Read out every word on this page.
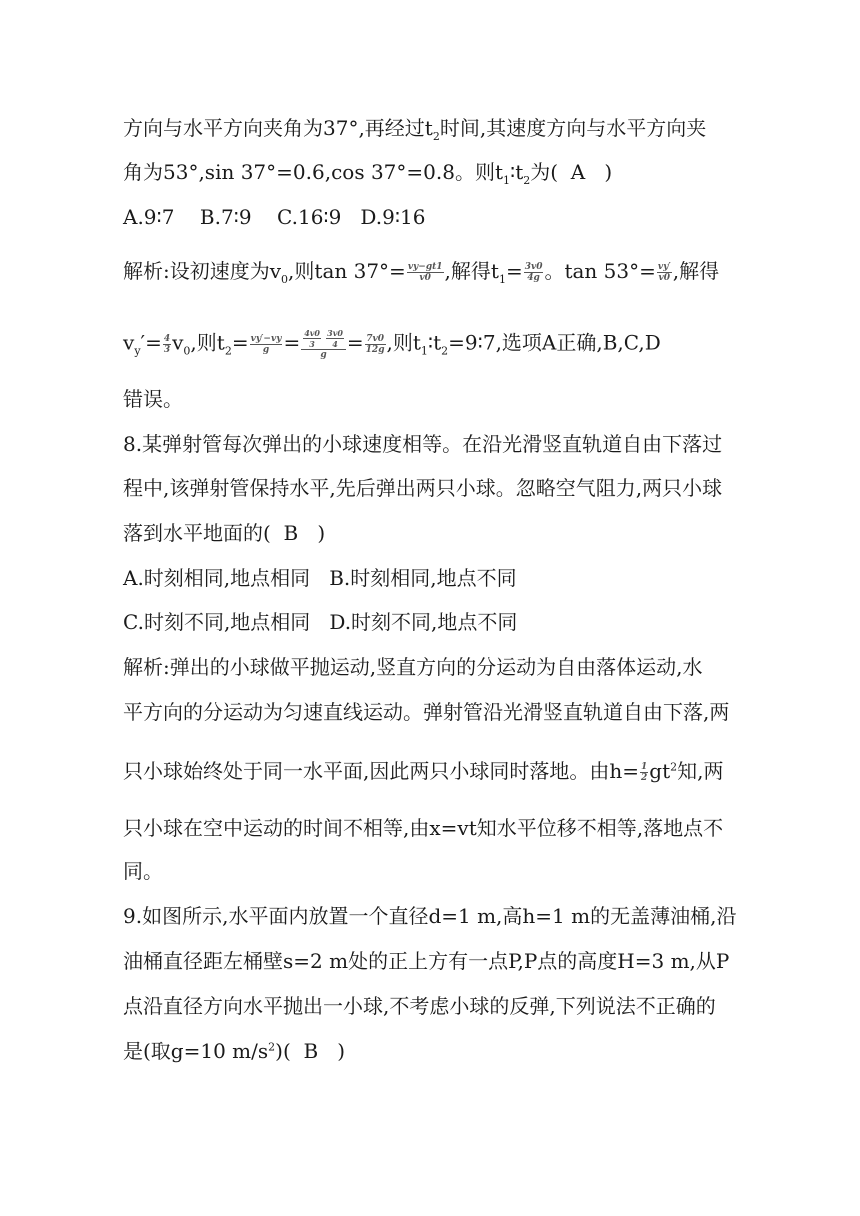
方向与水平方向夹角为37°,再经过$t_2$时间,其速度方向与水平方向夹
角为53°,sin 37°=0.6,cos 37°=0.8。则$t_1∶t_2$为( A )
A.9∶7    B.7∶9    C.16∶9   D.9∶16
解析:设初速度为$v_0$,则$\tan 37^\circ= \frac{vy-gt1}{v0}$ ,解得$t_1= \frac{3v0}{4g}$ 。$\tan 53^\circ= \frac{vy'}{v0}$ ,解得
$v_y'= \frac{4}{3} v_0$,则$t_2= \frac{vy'-vy}{g} = \frac{4v0}{3}$
$\frac{3v0}{4}$
$g = \frac{7v0}{12g}$ ,则$t_1∶t_2=9∶7$,选项A正确,B,C,D
错误。
8.某弹射管每次弹出的小球速度相等。在沿光滑竖直轨道自由下落过
程中,该弹射管保持水平,先后弹出两只小球。忽略空气阻力,两只小球
落到水平地面的( B )
A.时刻相同,地点相同   B.时刻相同,地点不同
C.时刻不同,地点相同   D.时刻不同,地点不同
解析:弹出的小球做平抛运动,竖直方向的分运动为自由落体运动,水
平方向的分运动为匀速直线运动。弹射管沿光滑竖直轨道自由下落,两
只小球始终处于同一水平面,因此两只小球同时落地。由$h= \frac{1}{2} gt^2$知,两
只小球在空中运动的时间不相等,由x=vt知水平位移不相等,落地点不
同。
9.如图所示,水平面内放置一个直径d=1 m,高h=1 m的无盖薄油桶,沿
油桶直径距左桶壁s=2 m处的正上方有一点P,P点的高度H=3 m,从P
点沿直径方向水平抛出一小球,不考虑小球的反弹,下列说法不正确的
是(取g=10 $m/s^2$)( B )
